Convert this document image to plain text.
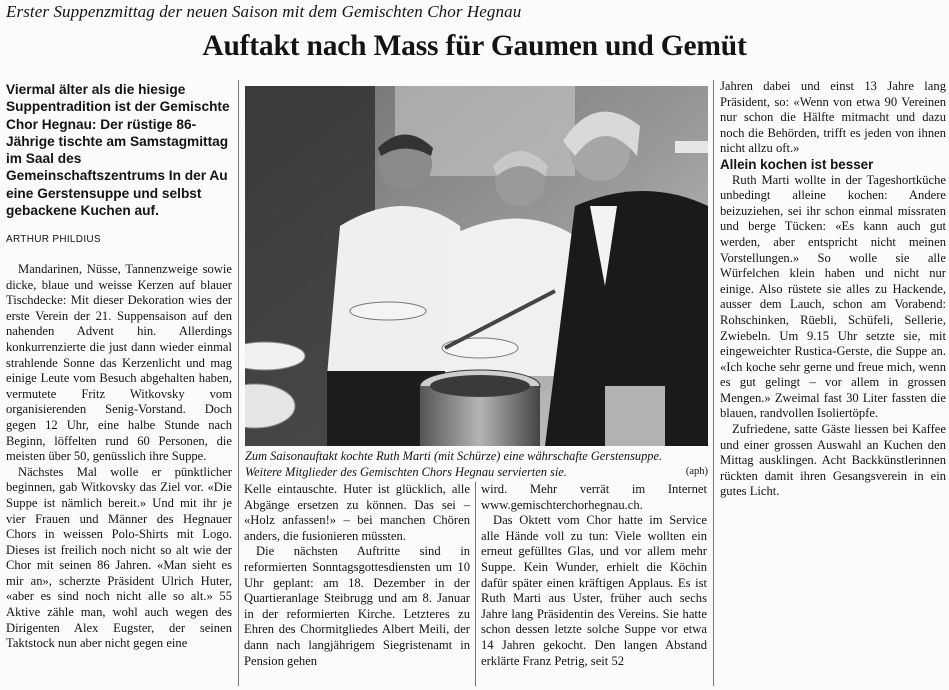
Erster Suppenzmittag der neuen Saison mit dem Gemischten Chor Hegnau
Auftakt nach Mass für Gaumen und Gemüt
Viermal älter als die hiesige Suppentradition ist der Gemischte Chor Hegnau: Der rüstige 86-Jährige tischte am Samstagmittag im Saal des Gemeinschaftszentrums In der Au eine Gerstensuppe und selbst gebackene Kuchen auf.
ARTHUR PHILDIUS

Mandarinen, Nüsse, Tannenzweige sowie dicke, blaue und weisse Kerzen auf blauer Tischdecke: Mit dieser Dekoration wies der erste Verein der 21. Suppensaison auf den nahenden Advent hin. Allerdings konkurrenzierte die just dann wieder einmal strahlende Sonne das Kerzenlicht und mag einige Leute vom Besuch abgehalten haben, vermutete Fritz Witkovsky vom organisierenden Senig-Vorstand. Doch gegen 12 Uhr, eine halbe Stunde nach Beginn, löffelten rund 60 Personen, die meisten über 50, genüsslich ihre Suppe.

Nächstes Mal wolle er pünktlicher beginnen, gab Witkovsky das Ziel vor. «Die Suppe ist nämlich bereit.» Und mit ihr je vier Frauen und Männer des Hegnauer Chors in weissen Polo-Shirts mit Logo. Dieses ist freilich noch nicht so alt wie der Chor mit seinen 86 Jahren. «Man sieht es mir an», scherzte Präsident Ulrich Huter, «aber es sind noch nicht alle so alt.» 55 Aktive zähle man, wohl auch wegen des Dirigenten Alex Eugster, der seinen Taktstock nun aber nicht gegen eine

(aph)
Zum Saisonauftakt kochte Ruth Marti (mit Schürze) eine währschafte Gerstensuppe. Weitere Mitglieder des Gemischten Chors Hegnau servierten sie.

Kelle eintauschte. Huter ist glücklich, alle Abgänge ersetzen zu können. Das sei – «Holz anfassen!» – bei manchen Chören anders, die fusionieren müssten.

Die nächsten Auftritte sind in reformierten Sonntagsgottesdiensten um 10 Uhr geplant: am 18. Dezember in der Quartieranlage Steibrugg und am 8. Januar in der reformierten Kirche. Letzteres zu Ehren des Chormitgliedes Albert Meili, der dann nach langjährigem Siegristenamt in Pension gehen

wird. Mehr verrät im Internet www.gemischterchorhegnau.ch.

Das Oktett vom Chor hatte im Service alle Hände voll zu tun: Viele wollten ein erneut gefülltes Glas, und vor allem mehr Suppe. Kein Wunder, erhielt die Köchin dafür später einen kräftigen Applaus. Es ist Ruth Marti aus Uster, früher auch sechs Jahre lang Präsidentin des Vereins. Sie hatte schon dessen letzte solche Suppe vor etwa 14 Jahren gekocht. Den langen Abstand erklärte Franz Petrig, seit 52

Jahren dabei und einst 13 Jahre lang Präsident, so: «Wenn von etwa 90 Vereinen nur schon die Hälfte mitmacht und dazu noch die Behörden, trifft es jeden von ihnen nicht allzu oft.»

Allein kochen ist besser

Ruth Marti wollte in der Tageshortküche unbedingt alleine kochen: Andere beizuziehen, sei ihr schon einmal missraten und berge Tücken: «Es kann auch gut werden, aber entspricht nicht meinen Vorstellungen.» So wolle sie alle Würfelchen klein haben und nicht nur einige. Also rüstete sie alles zu Hackende, ausser dem Lauch, schon am Vorabend: Rohschinken, Rüebli, Schüfeli, Sellerie, Zwiebeln. Um 9.15 Uhr setzte sie, mit eingeweichter Rustica-Gerste, die Suppe an. «Ich koche sehr gerne und freue mich, wenn es gut gelingt – vor allem in grossen Mengen.» Zweimal fast 30 Liter fassten die blauen, randvollen Isoliertöpfe.

Zufriedene, satte Gäste liessen bei Kaffee und einer grossen Auswahl an Kuchen den Mittag ausklingen. Acht Backkünstlerinnen rückten damit ihren Gesangsverein in ein gutes Licht.
